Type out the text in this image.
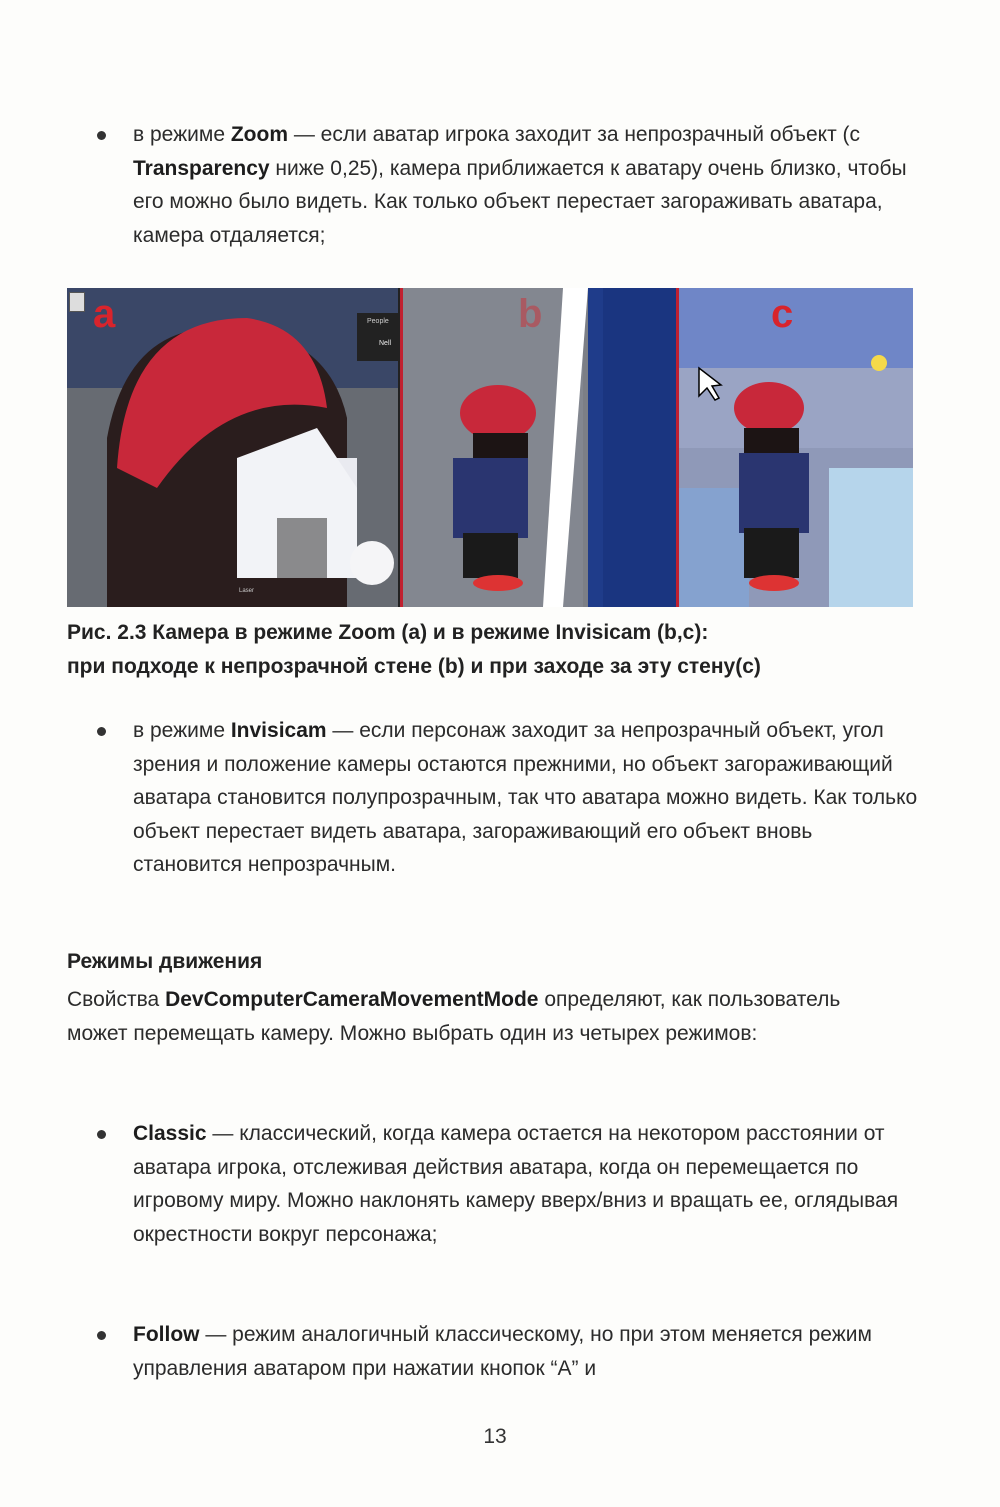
в режиме Zoom — если аватар игрока заходит за непрозрачный объект (с Transparency ниже 0,25), камера приближается к аватару очень близко, чтобы его можно было видеть. Как только объект перестает загораживать аватара, камера отдаляется;
a	People
Nell
Laser
b	c
Рис. 2.3 Камера в режиме Zoom (a) и в режиме Invisicam (b,c):
при подходе к непрозрачной стене (b) и при заходе за эту стену(c)
в режиме Invisicam — если персонаж заходит за непрозрачный объект, угол зрения и положение камеры остаются прежними, но объект загораживающий аватара становится полупрозрачным, так что аватара можно видеть. Как только объект перестает видеть аватара, загораживающий его объект вновь становится непрозрачным.
Режимы движения
Свойства DevComputerCameraMovementMode определяют, как пользователь может перемещать камеру. Можно выбрать один из четырех режимов:
Classic — классический, когда камера остается на некотором расстоянии от аватара игрока, отслеживая действия аватара, когда он перемещается по игровому миру. Можно наклонять камеру вверх/вниз и вращать ее, оглядывая окрестности вокруг персонажа;
Follow — режим аналогичный классическому, но при этом меняется режим управления аватаром при нажатии кнопок “A” и
13
